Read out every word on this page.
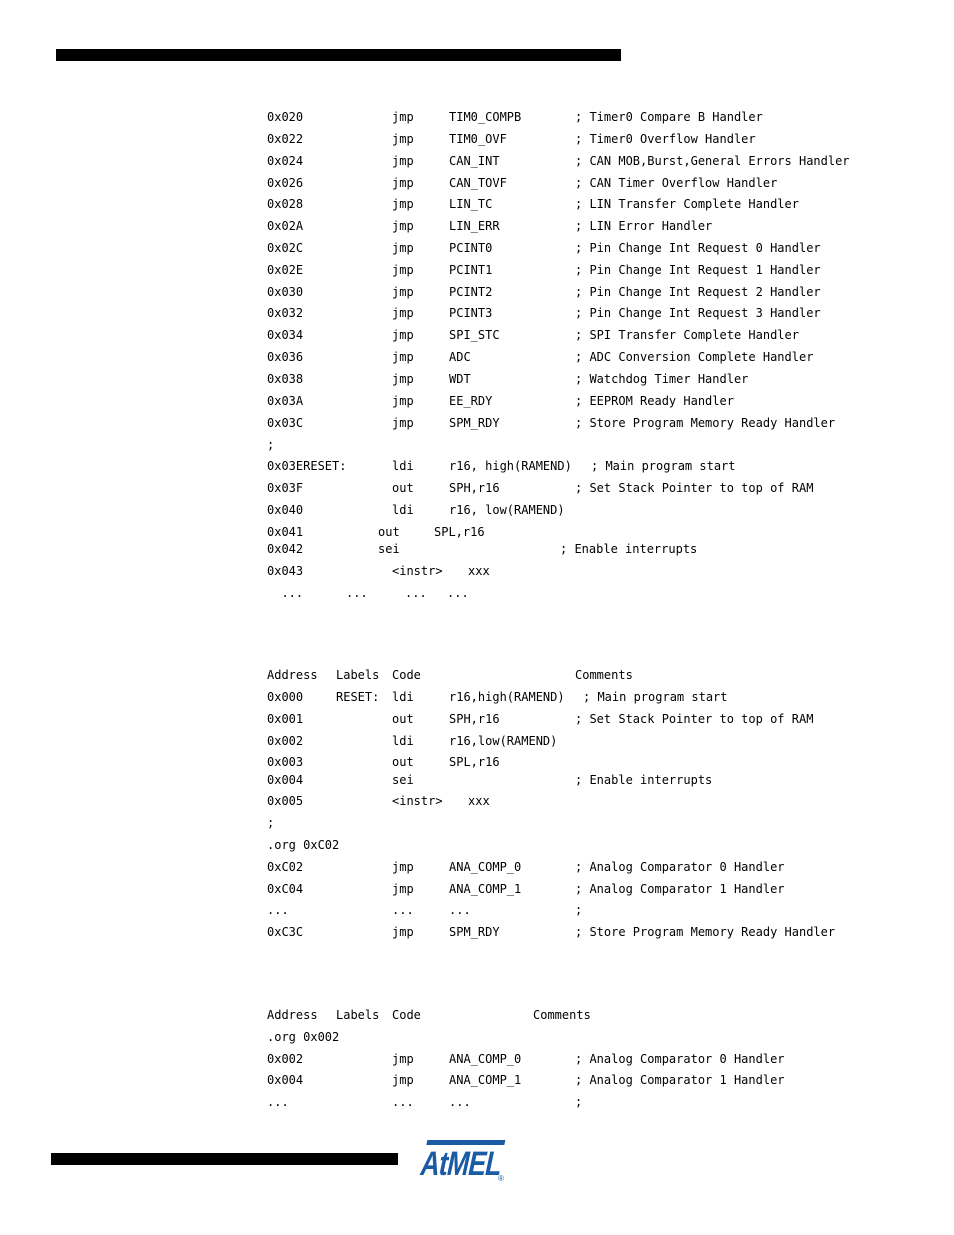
0x020	jmp	TIM0_COMPB	; Timer0 Compare B Handler
0x022	jmp	TIM0_OVF	; Timer0 Overflow Handler
0x024	jmp	CAN_INT	; CAN MOB,Burst,General Errors Handler
0x026	jmp	CAN_TOVF	; CAN Timer Overflow Handler
0x028	jmp	LIN_TC	; LIN Transfer Complete Handler
0x02A	jmp	LIN_ERR	; LIN Error Handler
0x02C	jmp	PCINT0	; Pin Change Int Request 0 Handler
0x02E	jmp	PCINT1	; Pin Change Int Request 1 Handler
0x030	jmp	PCINT2	; Pin Change Int Request 2 Handler
0x032	jmp	PCINT3	; Pin Change Int Request 3 Handler
0x034	jmp	SPI_STC	; SPI Transfer Complete Handler
0x036	jmp	ADC	; ADC Conversion Complete Handler
0x038	jmp	WDT	; Watchdog Timer Handler
0x03A	jmp	EE_RDY	; EEPROM Ready Handler
0x03C	jmp	SPM_RDY	; Store Program Memory Ready Handler
;
0x03ERESET:	ldi	r16, high(RAMEND) ; Main program start
0x03F	out	SPH,r16	; Set Stack Pointer to top of RAM
0x040	ldi	r16, low(RAMEND)
0x041	out	SPL,r16
0x042	sei	; Enable interrupts
0x043	<instr> xxx
...	...	... ...
Address Labels Code	Comments
0x000	RESET: ldi	r16,high(RAMEND) ; Main program start
0x001	out	SPH,r16	; Set Stack Pointer to top of RAM
0x002	ldi	r16,low(RAMEND)
0x003	out	SPL,r16
0x004	sei	; Enable interrupts
0x005	<instr> xxx
;
.org 0xC02
0xC02	jmp	ANA_COMP_0	; Analog Comparator 0 Handler
0xC04	jmp	ANA_COMP_1	; Analog Comparator 1 Handler
...	...	...	;
0xC3C	jmp	SPM_RDY	; Store Program Memory Ready Handler
Address Labels Code	Comments
.org 0x002
0x002	jmp	ANA_COMP_0	; Analog Comparator 0 Handler
0x004	jmp	ANA_COMP_1	; Analog Comparator 1 Handler
...	...	...	;
AtMEL
®
